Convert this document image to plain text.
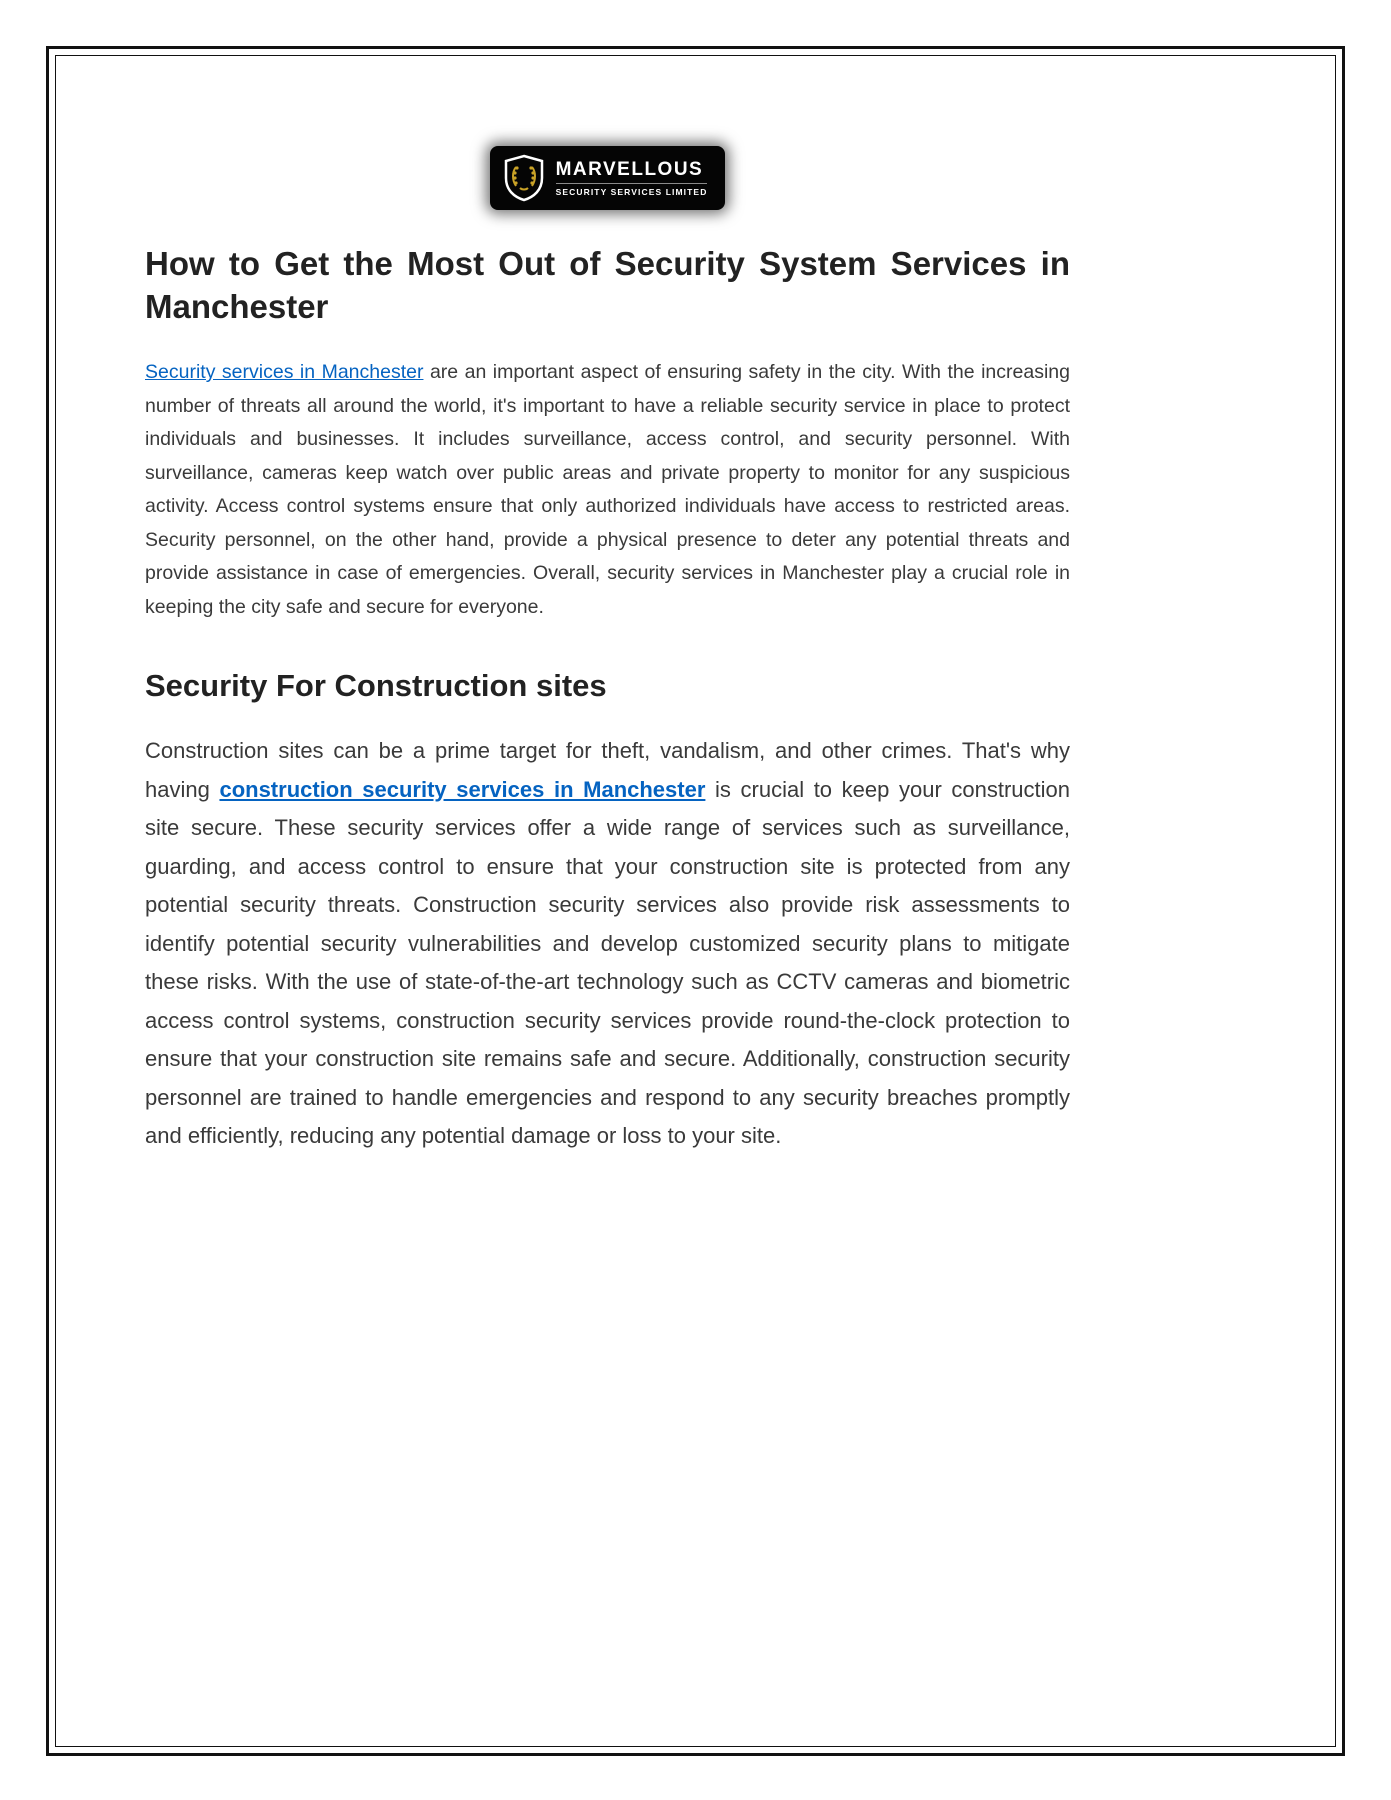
MARVELLOUS
SECURITY SERVICES LIMITED
How to Get the Most Out of Security System Services in Manchester

Security services in Manchester are an important aspect of ensuring safety in the city. With the increasing number of threats all around the world, it's important to have a reliable security service in place to protect individuals and businesses. It includes surveillance, access control, and security personnel. With surveillance, cameras keep watch over public areas and private property to monitor for any suspicious activity. Access control systems ensure that only authorized individuals have access to restricted areas. Security personnel, on the other hand, provide a physical presence to deter any potential threats and provide assistance in case of emergencies. Overall, security services in Manchester play a crucial role in keeping the city safe and secure for everyone.

Security For Construction sites

Construction sites can be a prime target for theft, vandalism, and other crimes. That's why having construction security services in Manchester is crucial to keep your construction site secure. These security services offer a wide range of services such as surveillance, guarding, and access control to ensure that your construction site is protected from any potential security threats. Construction security services also provide risk assessments to identify potential security vulnerabilities and develop customized security plans to mitigate these risks. With the use of state-of-the-art technology such as CCTV cameras and biometric access control systems, construction security services provide round-the-clock protection to ensure that your construction site remains safe and secure. Additionally, construction security personnel are trained to handle emergencies and respond to any security breaches promptly and efficiently, reducing any potential damage or loss to your site.
